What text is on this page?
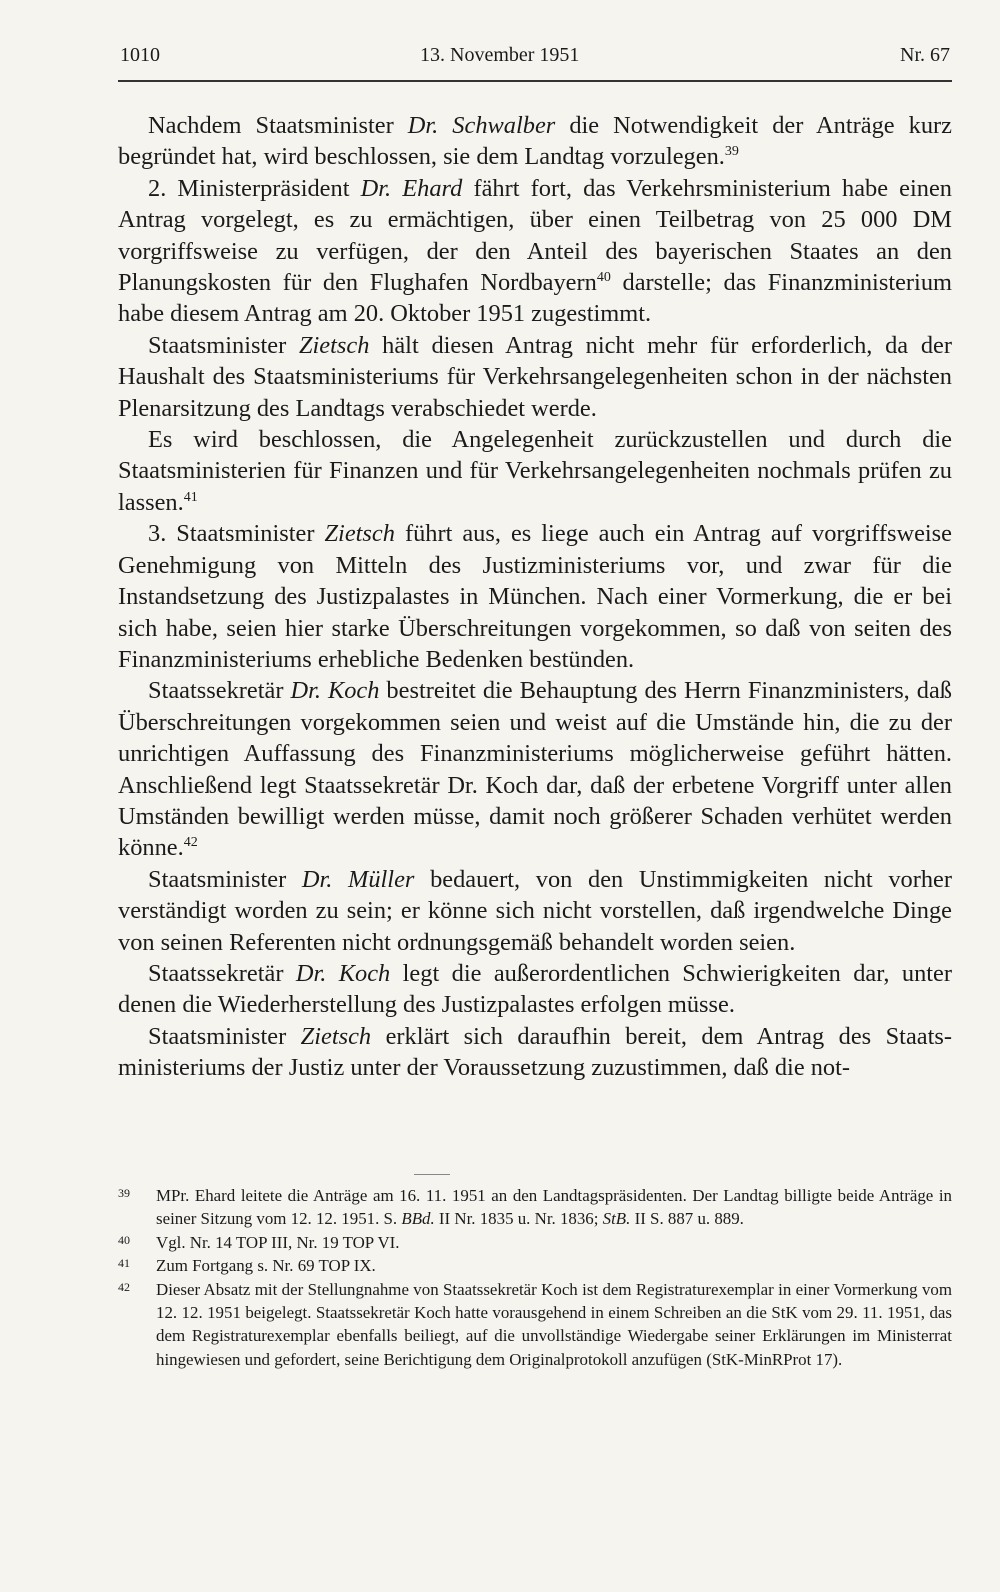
1010	13. November 1951	Nr. 67

Nachdem Staatsminister Dr. Schwalber die Notwendigkeit der Anträge kurz begründet hat, wird beschlossen, sie dem Landtag vorzulegen.$^{39}$

2. Ministerpräsident Dr. Ehard fährt fort, das Verkehrsministerium habe einen Antrag vorgelegt, es zu ermächtigen, über einen Teilbetrag von 25 000 DM vorgriffsweise zu verfügen, der den Anteil des bayerischen Staates an den Planungskosten für den Flughafen Nordbayern$^{40}$ darstelle; das Finanzministerium habe diesem Antrag am 20. Oktober 1951 zugestimmt.

Staatsminister Zietsch hält diesen Antrag nicht mehr für erforderlich, da der Haushalt des Staatsministeriums für Verkehrsangelegenheiten schon in der nächsten Plenarsitzung des Landtags verabschiedet werde.

Es wird beschlossen, die Angelegenheit zurückzustellen und durch die Staatsministerien für Finanzen und für Verkehrsangelegenheiten nochmals prüfen zu lassen.$^{41}$

3. Staatsminister Zietsch führt aus, es liege auch ein Antrag auf vorgriffsweise Genehmigung von Mitteln des Justizministeriums vor, und zwar für die Instandsetzung des Justizpalastes in München. Nach einer Vormerkung, die er bei sich habe, seien hier starke Überschreitungen vorgekommen, so daß von seiten des Finanzministeriums erhebliche Bedenken bestünden.

Staatssekretär Dr. Koch bestreitet die Behauptung des Herrn Finanzministers, daß Überschreitungen vorgekommen seien und weist auf die Umstände hin, die zu der unrichtigen Auffassung des Finanzministeriums möglicherweise geführt hätten. Anschließend legt Staatssekretär Dr. Koch dar, daß der erbetene Vorgriff unter allen Umständen bewilligt werden müsse, damit noch größerer Schaden verhütet werden könne.$^{42}$

Staatsminister Dr. Müller bedauert, von den Unstimmigkeiten nicht vorher verständigt worden zu sein; er könne sich nicht vorstellen, daß irgendwelche Dinge von seinen Referenten nicht ordnungsgemäß behandelt worden seien.

Staatssekretär Dr. Koch legt die außerordentlichen Schwierigkeiten dar, unter denen die Wiederherstellung des Justizpalastes erfolgen müsse.

Staatsminister Zietsch erklärt sich daraufhin bereit, dem Antrag des Staatsministeriums der Justiz unter der Voraussetzung zuzustimmen, daß die not-

39 MPr. Ehard leitete die Anträge am 16. 11. 1951 an den Landtagspräsidenten. Der Landtag billigte beide Anträge in seiner Sitzung vom 12. 12. 1951. S. BBd. II Nr. 1835 u. Nr. 1836; StB. II S. 887 u. 889.
40 Vgl. Nr. 14 TOP III, Nr. 19 TOP VI.
41 Zum Fortgang s. Nr. 69 TOP IX.
42 Dieser Absatz mit der Stellungnahme von Staatssekretär Koch ist dem Registraturexemplar in einer Vormerkung vom 12. 12. 1951 beigelegt. Staatssekretär Koch hatte vorausgehend in einem Schreiben an die StK vom 29. 11. 1951, das dem Registraturexemplar ebenfalls beiliegt, auf die unvollständige Wiedergabe seiner Erklärungen im Ministerrat hingewiesen und gefordert, seine Berichtigung dem Originalprotokoll anzufügen (StK-MinRProt 17).
